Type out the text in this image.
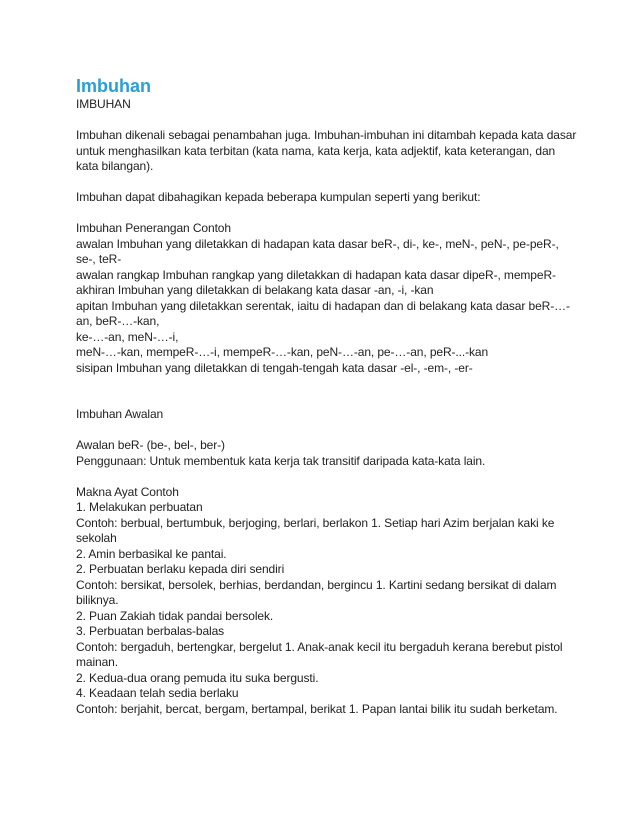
Imbuhan
IMBUHAN
Imbuhan dikenali sebagai penambahan juga. Imbuhan-imbuhan ini ditambah kepada kata dasar
untuk menghasilkan kata terbitan (kata nama, kata kerja, kata adjektif, kata keterangan, dan
kata bilangan).
Imbuhan dapat dibahagikan kepada beberapa kumpulan seperti yang berikut:
Imbuhan Penerangan Contoh
awalan Imbuhan yang diletakkan di hadapan kata dasar beR-, di-, ke-, meN-, peN-, pe-peR-,
se-, teR-
awalan rangkap Imbuhan rangkap yang diletakkan di hadapan kata dasar dipeR-, mempeR-
akhiran Imbuhan yang diletakkan di belakang kata dasar -an, -i, -kan
apitan Imbuhan yang diletakkan serentak, iaitu di hadapan dan di belakang kata dasar beR-…-
an, beR-…-kan,
ke-…-an, meN-…-i,
meN-…-kan, mempeR-…-i, mempeR-…-kan, peN-…-an, pe-…-an, peR-...-kan
sisipan Imbuhan yang diletakkan di tengah-tengah kata dasar -el-, -em-, -er-
Imbuhan Awalan
Awalan beR- (be-, bel-, ber-)
Penggunaan: Untuk membentuk kata kerja tak transitif daripada kata-kata lain.
Makna Ayat Contoh
1. Melakukan perbuatan
Contoh: berbual, bertumbuk, berjoging, berlari, berlakon 1. Setiap hari Azim berjalan kaki ke
sekolah
2. Amin berbasikal ke pantai.
2. Perbuatan berlaku kepada diri sendiri
Contoh: bersikat, bersolek, berhias, berdandan, bergincu 1. Kartini sedang bersikat di dalam
biliknya.
2. Puan Zakiah tidak pandai bersolek.
3. Perbuatan berbalas-balas
Contoh: bergaduh, bertengkar, bergelut 1. Anak-anak kecil itu bergaduh kerana berebut pistol
mainan.
2. Kedua-dua orang pemuda itu suka bergusti.
4. Keadaan telah sedia berlaku
Contoh: berjahit, bercat, bergam, bertampal, berikat 1. Papan lantai bilik itu sudah berketam.
